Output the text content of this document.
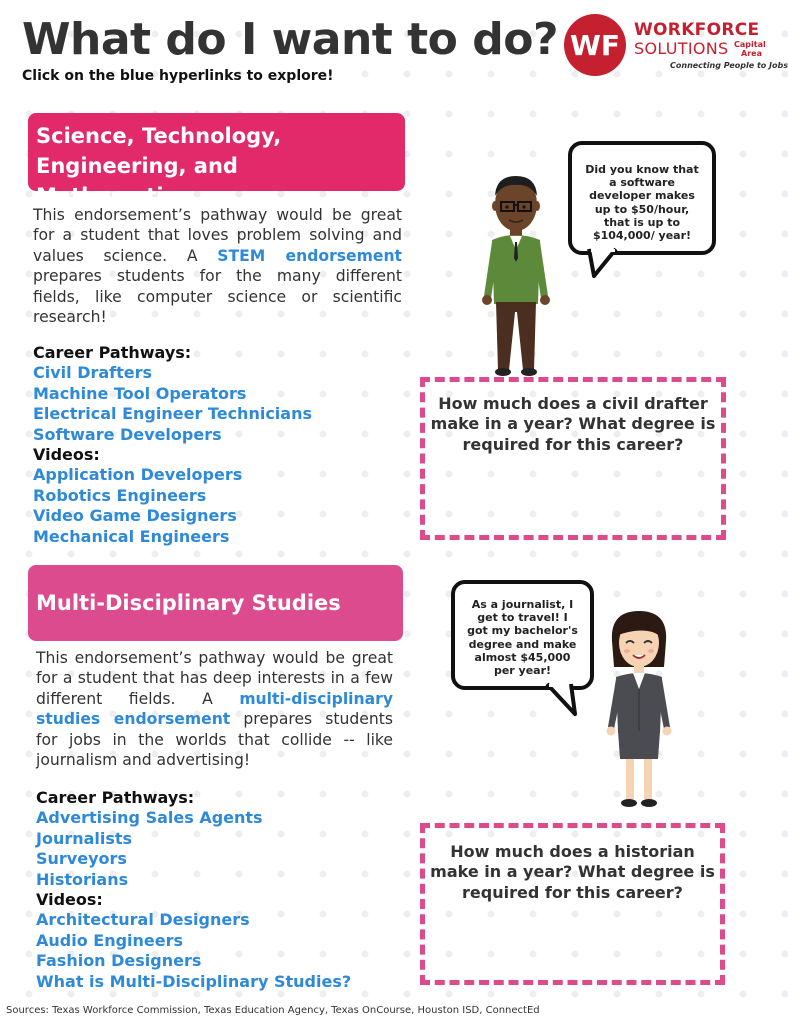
What do I want to do?
Click on the blue hyperlinks to explore!
WF WORKFORCE
SOLUTIONS Capital
Area
Connecting People to Jobs
Science, Technology,
Engineering, and Mathematics
This endorsement’s pathway would be great for a student that loves problem solving and values science. A STEM endorsement prepares students for the many different fields, like computer science or scientific research!
Career Pathways:
Civil Drafters
Machine Tool Operators
Electrical Engineer Technicians
Software Developers
Videos:
Application Developers
Robotics Engineers
Video Game Designers
Mechanical Engineers
Did you know that a software developer makes up to $50/hour, that is up to $104,000/ year!
How much does a civil drafter make in a year? What degree is required for this career?
Multi-Disciplinary Studies
This endorsement’s pathway would be great for a student that has deep interests in a few different fields. A multi-disciplinary studies endorsement prepares students for jobs in the worlds that collide -- like journalism and advertising!
Career Pathways:
Advertising Sales Agents
Journalists
Surveyors
Historians
Videos:
Architectural Designers
Audio Engineers
Fashion Designers
What is Multi-Disciplinary Studies?
As a journalist, I get to travel! I got my bachelor's degree and make almost $45,000 per year!
How much does a historian make in a year? What degree is required for this career?
Sources: Texas Workforce Commission, Texas Education Agency, Texas OnCourse, Houston ISD, ConnectEd
